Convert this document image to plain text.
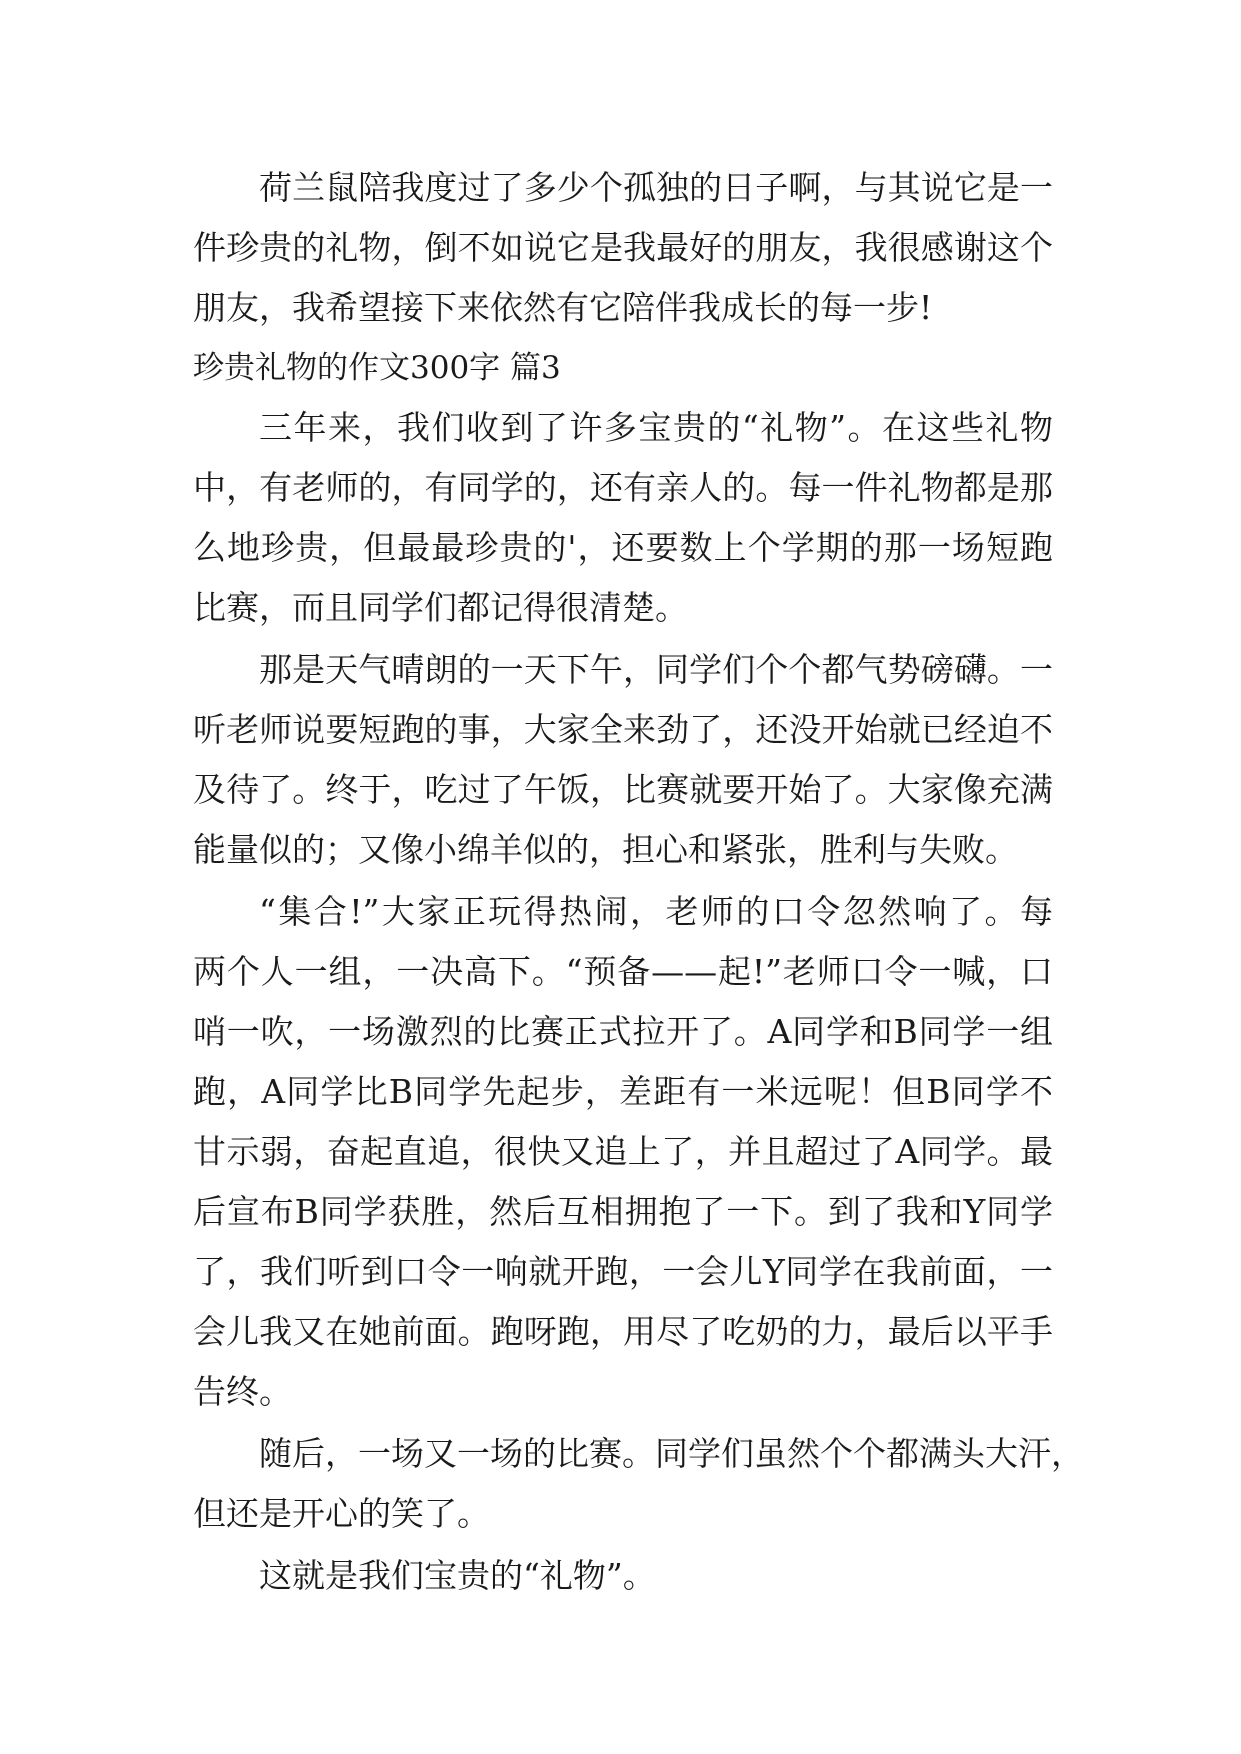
荷兰鼠陪我度过了多少个孤独的日子啊，与其说它是一
件珍贵的礼物，倒不如说它是我最好的朋友，我很感谢这个
朋友，我希望接下来依然有它陪伴我成长的每一步!
珍贵礼物的作文300字 篇3
三年来，我们收到了许多宝贵的“礼物”。在这些礼物
中，有老师的，有同学的，还有亲人的。每一件礼物都是那
么地珍贵，但最最珍贵的'，还要数上个学期的那一场短跑
比赛，而且同学们都记得很清楚。
那是天气晴朗的一天下午，同学们个个都气势磅礴。一
听老师说要短跑的事，大家全来劲了，还没开始就已经迫不
及待了。终于，吃过了午饭，比赛就要开始了。大家像充满
能量似的；又像小绵羊似的，担心和紧张，胜利与失败。
“集合!”大家正玩得热闹，老师的口令忽然响了。每
两个人一组，一决高下。“预备——起!”老师口令一喊，口
哨一吹，一场激烈的比赛正式拉开了。A同学和B同学一组
跑，A同学比B同学先起步，差距有一米远呢！但B同学不
甘示弱，奋起直追，很快又追上了，并且超过了A同学。最
后宣布B同学获胜，然后互相拥抱了一下。到了我和Y同学
了，我们听到口令一响就开跑，一会儿Y同学在我前面，一
会儿我又在她前面。跑呀跑，用尽了吃奶的力，最后以平手
告终。
随后，一场又一场的比赛。同学们虽然个个都满头大汗，
但还是开心的笑了。
这就是我们宝贵的“礼物”。
